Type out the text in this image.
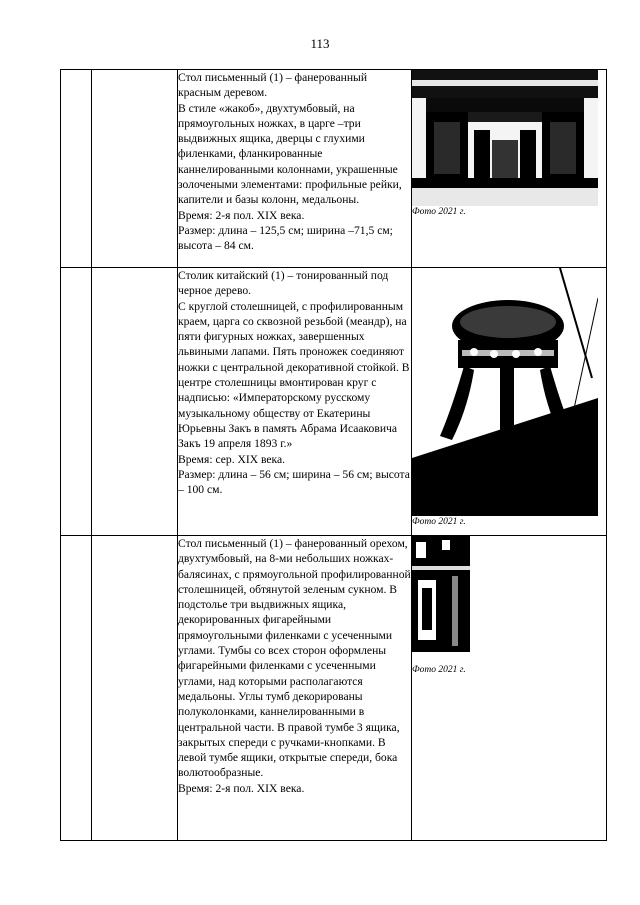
113

		Стол письменный (1) – фанерованный красным деревом.

В стиле «жакоб», двухтумбовый, на прямоугольных ножках, в царге –три выдвижных ящика, дверцы с глухими филенками, фланкированные каннелированными колоннами, украшенные золочеными элементами: профильные рейки, капители и базы колонн, медальоны.

Время: 2-я пол. XIX века.

Размер: длина – 125,5 см; ширина –71,5 см; высота – 84 см.	Фото 2021 г.

		Столик китайский (1) – тонированный под черное дерево.

С круглой столешницей, с профилированным краем, царга со сквозной резьбой (меандр), на пяти фигурных ножках, завершенных львиными лапами. Пять проножек соединяют ножки с центральной декоративной стойкой. В центре столешницы вмонтирован круг с надписью: «Императорскому русскому музыкальному обществу от Екатерины Юрьевны Закъ в память Абрама Исааковича Закъ 19 апреля 1893 г.»

Время: сер. XIX века.

Размер: длина – 56 см; ширина – 56 см; высота – 100 см.	Фото 2021 г.

		Стол письменный (1) – фанерованный орехом, двухтумбовый, на 8-ми небольших ножках-балясинах, с прямоугольной профилированной столешницей, обтянутой зеленым сукном. В подстолье три выдвижных ящика, декорированных фигарейными прямоугольными филенками с усеченными углами. Тумбы со всех сторон оформлены фигарейными филенками с усеченными углами, над которыми располагаются медальоны. Углы тумб декорированы полуколонками, каннелированными в центральной части. В правой тумбе 3 ящика, закрытых спереди с ручками-кнопками. В левой тумбе ящики, открытые спереди, бока волютообразные.

Время: 2-я пол. XIX века.	Фото 2021 г.
